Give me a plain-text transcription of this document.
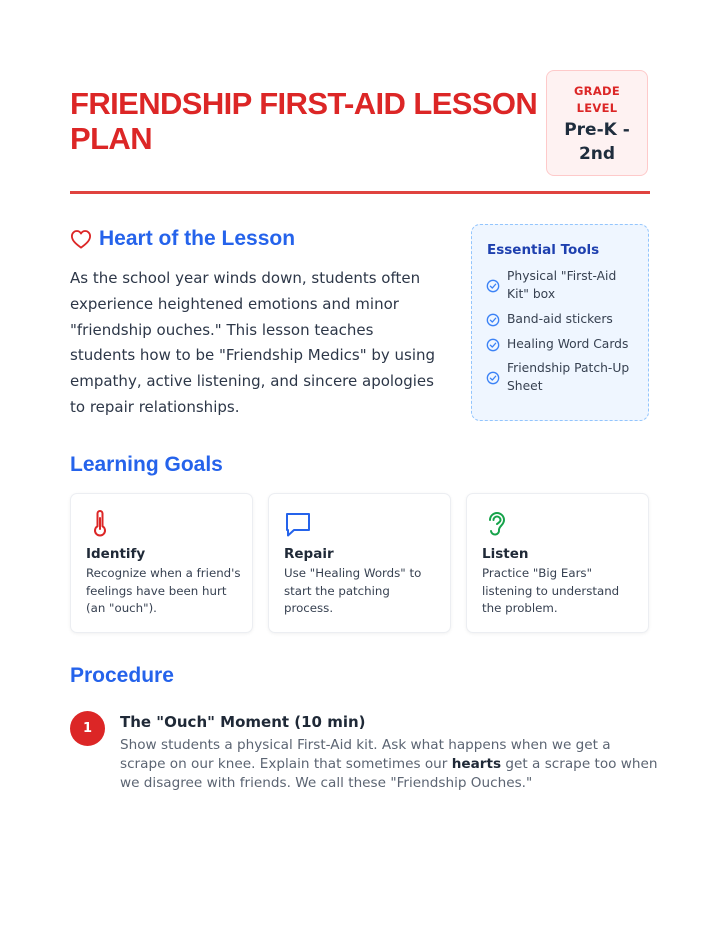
FRIENDSHIP FIRST-AID LESSON PLAN
GRADE LEVEL
Pre-K - 2nd
Heart of the Lesson

As the school year winds down, students often experience heightened emotions and minor "friendship ouches." This lesson teaches students how to be "Friendship Medics" by using empathy, active listening, and sincere apologies to repair relationships.

Essential Tools
Physical "First-Aid Kit" box
Band-aid stickers
Healing Word Cards
Friendship Patch-Up Sheet
Learning Goals
Identify

Recognize when a friend's feelings have been hurt (an "ouch").

Repair

Use "Healing Words" to start the patching process.

Listen

Practice "Big Ears" listening to understand the problem.

Procedure
1	The "Ouch" Moment (10 min)

Show students a physical First-Aid kit. Ask what happens when we get a scrape on our knee. Explain that sometimes our hearts get a scrape too when we disagree with friends. We call these "Friendship Ouches."
